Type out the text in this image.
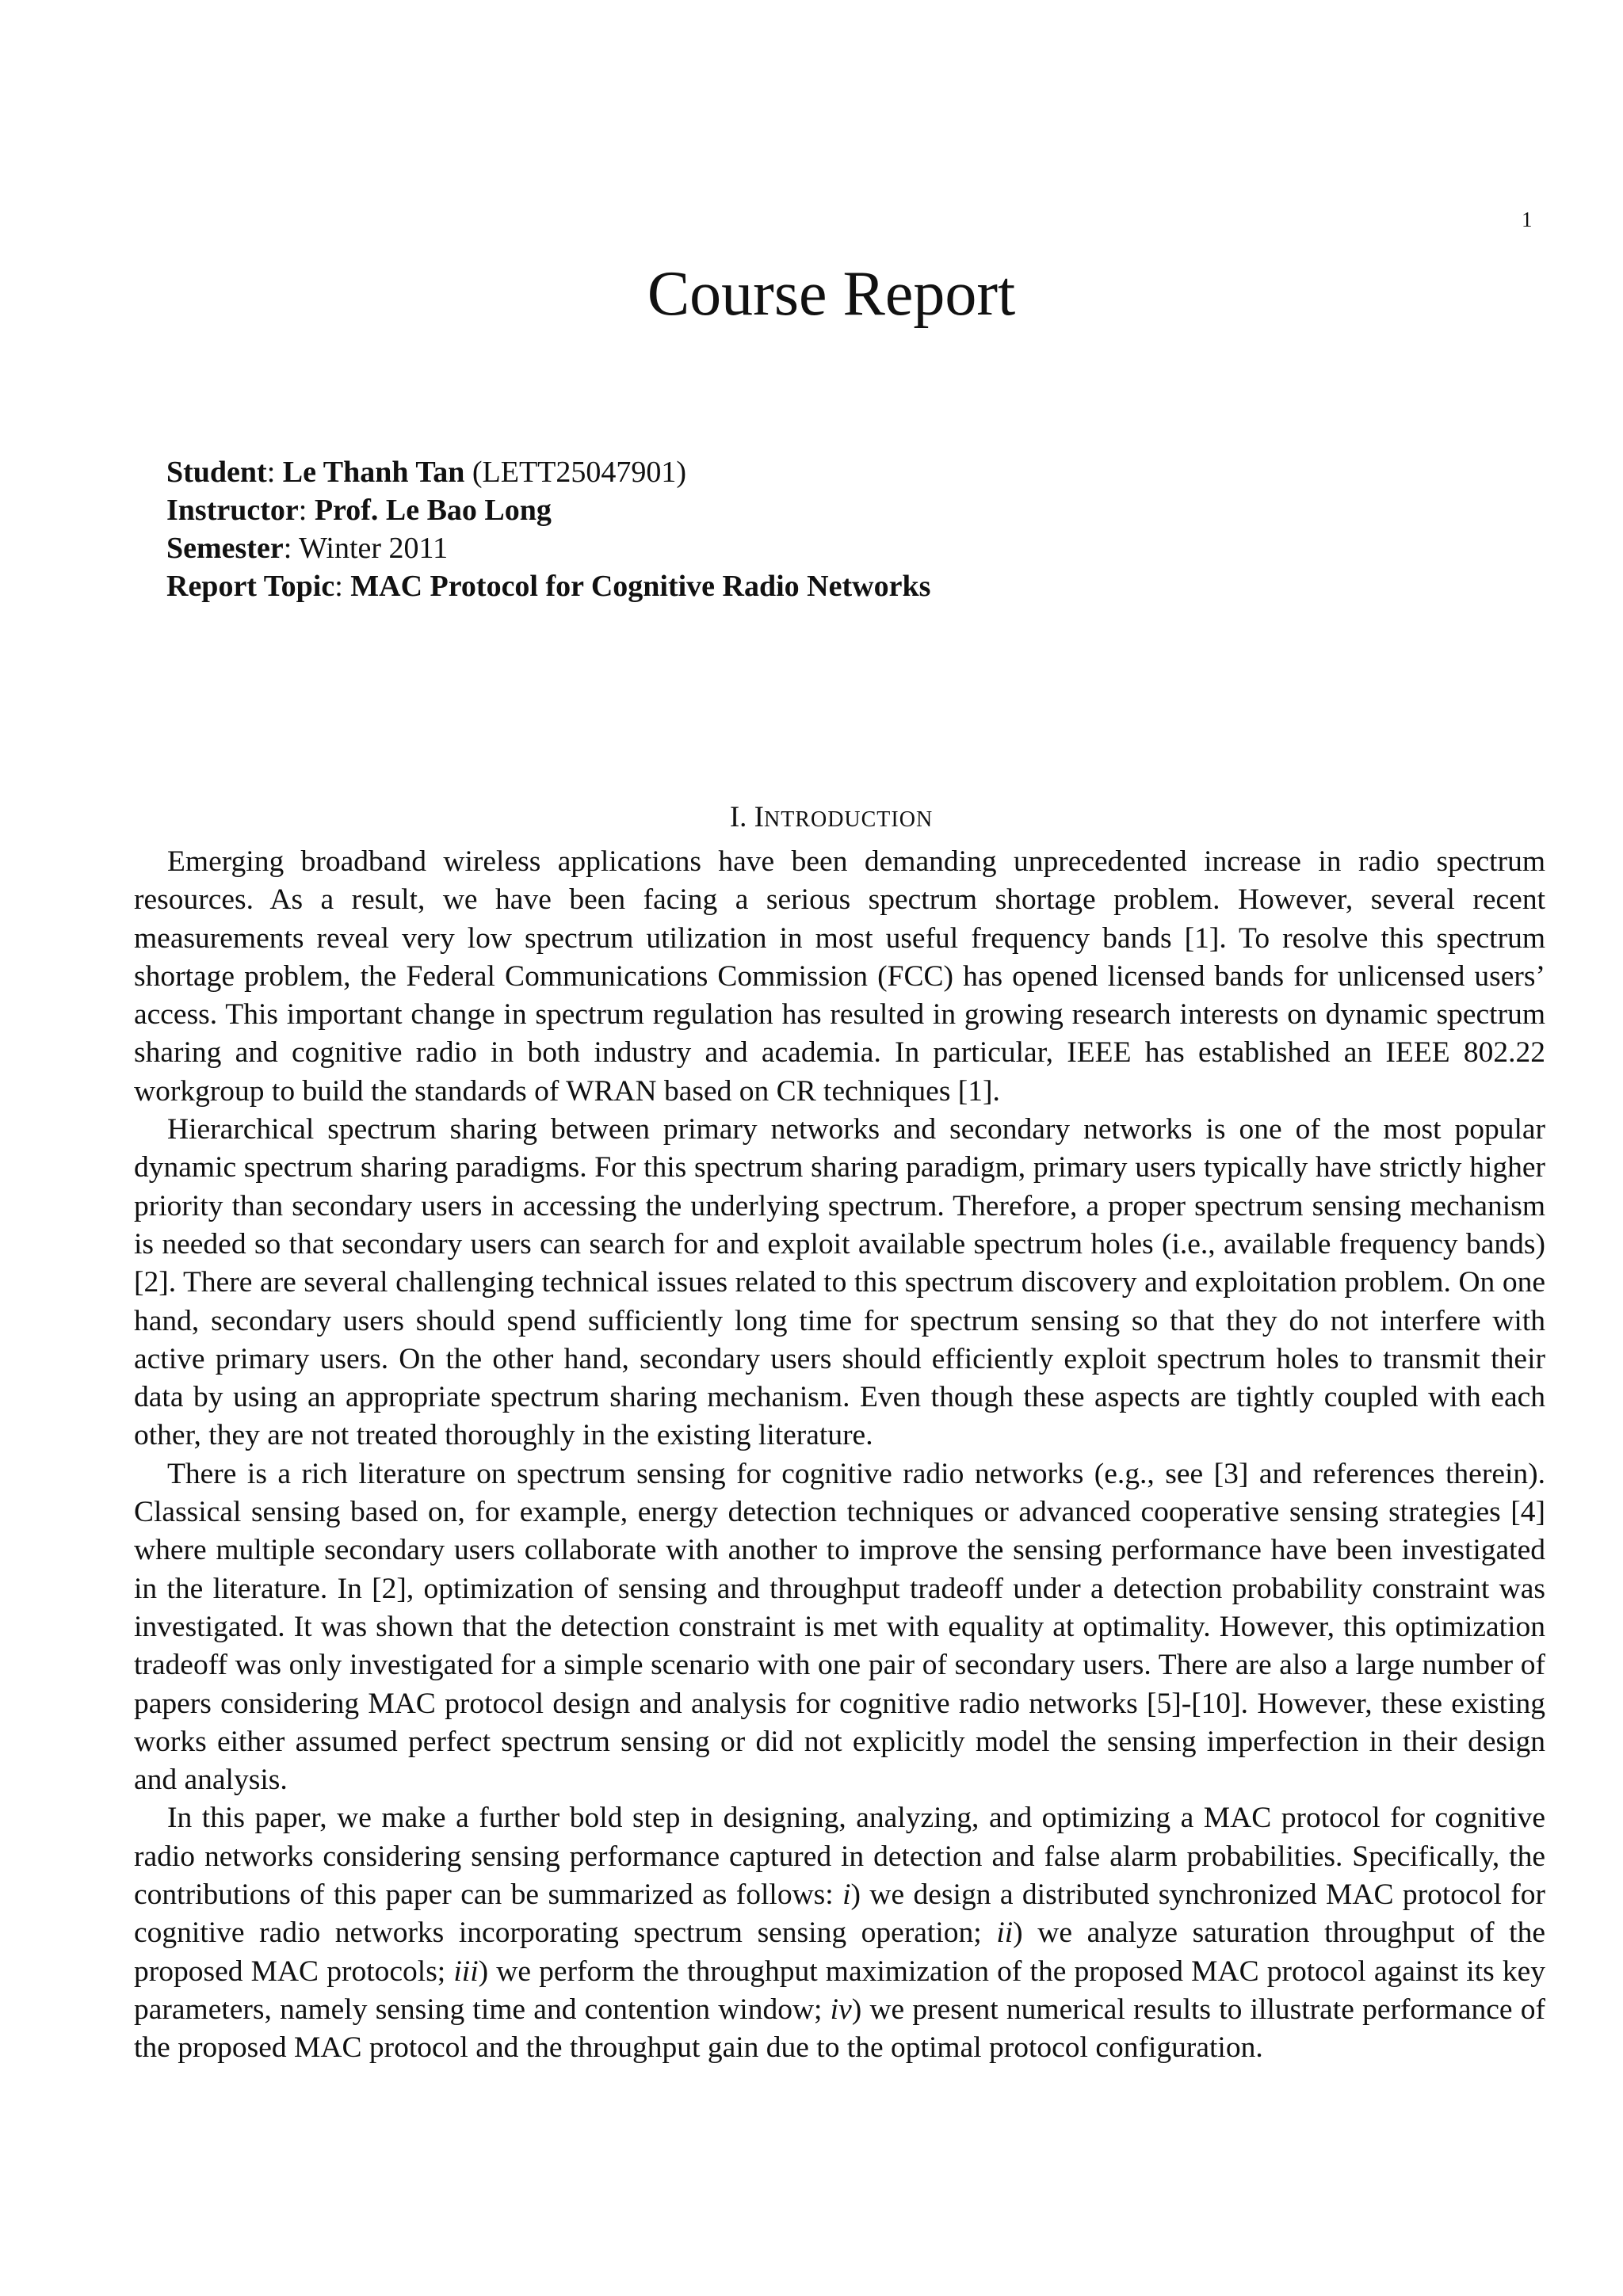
1
Course Report
Student: Le Thanh Tan (LETT25047901)
Instructor: Prof. Le Bao Long
Semester: Winter 2011
Report Topic: MAC Protocol for Cognitive Radio Networks
I. INTRODUCTION

Emerging broadband wireless applications have been demanding unprecedented increase in radio spectrum resources. As a result, we have been facing a serious spectrum shortage problem. However, several recent measurements reveal very low spectrum utilization in most useful frequency bands [1]. To resolve this spectrum shortage problem, the Federal Communications Commission (FCC) has opened licensed bands for unlicensed users’ access. This important change in spectrum regulation has resulted in growing research interests on dynamic spectrum sharing and cognitive radio in both industry and academia. In particular, IEEE has established an IEEE 802.22 workgroup to build the standards of WRAN based on CR techniques [1].

Hierarchical spectrum sharing between primary networks and secondary networks is one of the most popular dynamic spectrum sharing paradigms. For this spectrum sharing paradigm, primary users typically have strictly higher priority than secondary users in accessing the underlying spectrum. Therefore, a proper spectrum sensing mechanism is needed so that secondary users can search for and exploit available spectrum holes (i.e., available frequency bands) [2]. There are several challenging technical issues related to this spectrum discovery and exploitation problem. On one hand, secondary users should spend sufficiently long time for spectrum sensing so that they do not interfere with active primary users. On the other hand, secondary users should efficiently exploit spectrum holes to transmit their data by using an appropriate spectrum sharing mechanism. Even though these aspects are tightly coupled with each other, they are not treated thoroughly in the existing literature.

There is a rich literature on spectrum sensing for cognitive radio networks (e.g., see [3] and references therein). Classical sensing based on, for example, energy detection techniques or advanced cooperative sensing strategies [4] where multiple secondary users collaborate with another to improve the sensing performance have been investigated in the literature. In [2], optimization of sensing and throughput tradeoff under a detection probability constraint was investigated. It was shown that the detection constraint is met with equality at optimality. However, this optimization tradeoff was only investigated for a simple scenario with one pair of secondary users. There are also a large number of papers considering MAC protocol design and analysis for cognitive radio networks [5]-[10]. However, these existing works either assumed perfect spectrum sensing or did not explicitly model the sensing imperfection in their design and analysis.

In this paper, we make a further bold step in designing, analyzing, and optimizing a MAC protocol for cognitive radio networks considering sensing performance captured in detection and false alarm probabilities. Specifically, the contributions of this paper can be summarized as follows: i) we design a distributed synchronized MAC protocol for cognitive radio networks incorporating spectrum sensing operation; ii) we analyze saturation throughput of the proposed MAC protocols; iii) we perform the throughput maximization of the proposed MAC protocol against its key parameters, namely sensing time and contention window; iv) we present numerical results to illustrate performance of the proposed MAC protocol and the throughput gain due to the optimal protocol configuration.
